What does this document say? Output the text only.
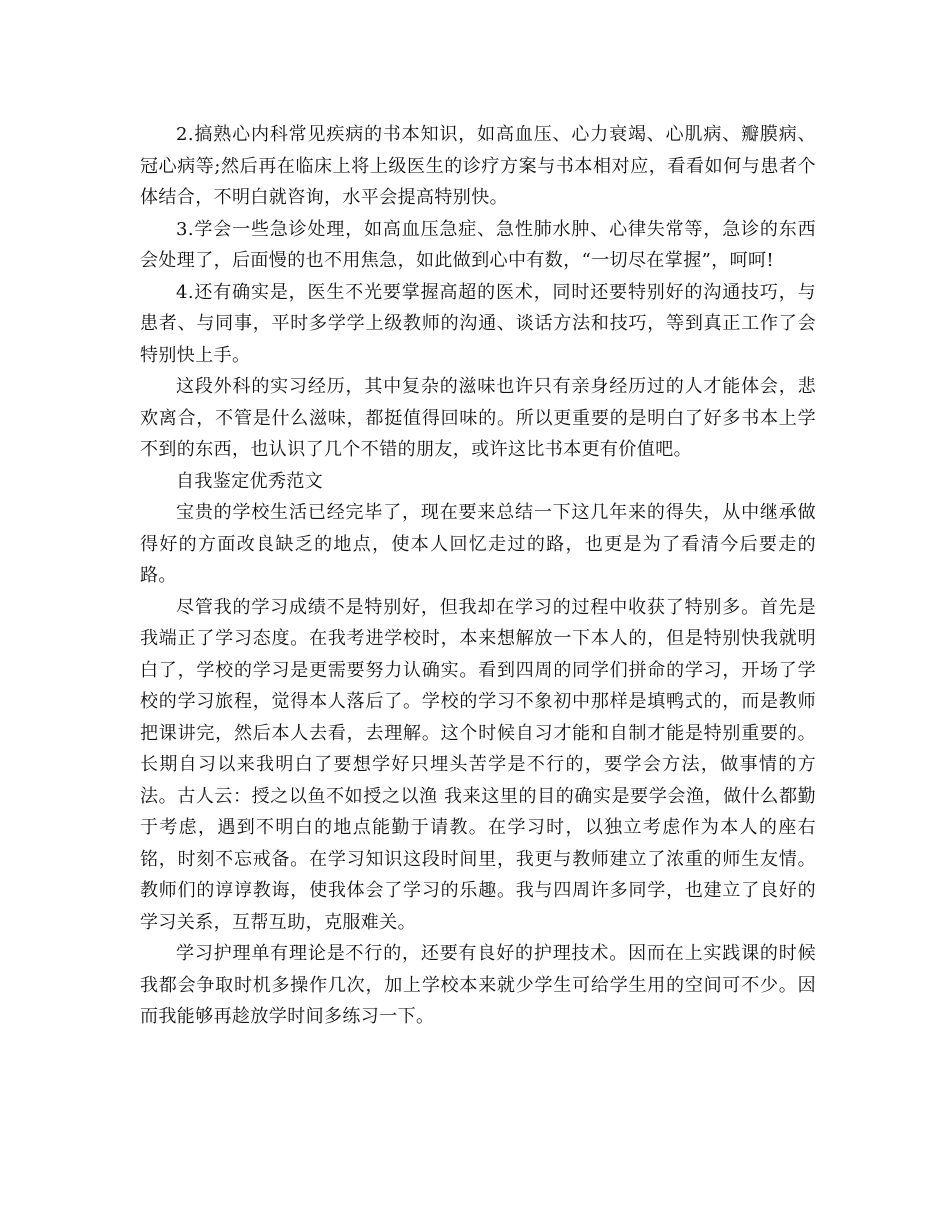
2.搞熟心内科常见疾病的书本知识，如高血压、心力衰竭、心肌病、瓣膜病、冠心病等;然后再在临床上将上级医生的诊疗方案与书本相对应，看看如何与患者个体结合，不明白就咨询，水平会提高特别快。

3.学会一些急诊处理，如高血压急症、急性肺水肿、心律失常等，急诊的东西会处理了，后面慢的也不用焦急，如此做到心中有数，“一切尽在掌握”，呵呵!

4.还有确实是，医生不光要掌握高超的医术，同时还要特别好的沟通技巧，与患者、与同事，平时多学学上级教师的沟通、谈话方法和技巧，等到真正工作了会特别快上手。

这段外科的实习经历，其中复杂的滋味也许只有亲身经历过的人才能体会，悲欢离合，不管是什么滋味，都挺值得回味的。所以更重要的是明白了好多书本上学不到的东西，也认识了几个不错的朋友，或许这比书本更有价值吧。

自我鉴定优秀范文

宝贵的学校生活已经完毕了，现在要来总结一下这几年来的得失，从中继承做得好的方面改良缺乏的地点，使本人回忆走过的路，也更是为了看清今后要走的路。

尽管我的学习成绩不是特别好，但我却在学习的过程中收获了特别多。首先是我端正了学习态度。在我考进学校时，本来想解放一下本人的，但是特别快我就明白了，学校的学习是更需要努力认确实。看到四周的同学们拼命的学习，开场了学校的学习旅程，觉得本人落后了。学校的学习不象初中那样是填鸭式的，而是教师把课讲完，然后本人去看，去理解。这个时候自习才能和自制才能是特别重要的。长期自习以来我明白了要想学好只埋头苦学是不行的，要学会方法，做事情的方法。古人云：授之以鱼不如授之以渔 我来这里的目的确实是要学会渔，做什么都勤于考虑，遇到不明白的地点能勤于请教。在学习时，以独立考虑作为本人的座右铭，时刻不忘戒备。在学习知识这段时间里，我更与教师建立了浓重的师生友情。教师们的谆谆教诲，使我体会了学习的乐趣。我与四周许多同学，也建立了良好的学习关系，互帮互助，克服难关。

学习护理单有理论是不行的，还要有良好的护理技术。因而在上实践课的时候我都会争取时机多操作几次，加上学校本来就少学生可给学生用的空间可不少。因而我能够再趁放学时间多练习一下。
